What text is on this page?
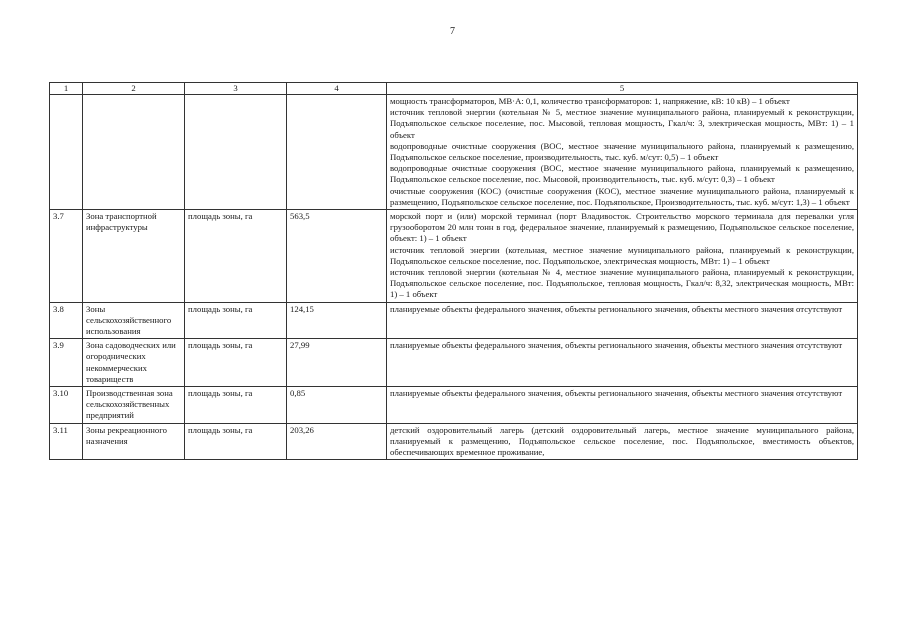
7
1	2	3	4	5

				мощность трансформаторов, МВ·А: 0,1, количество трансформаторов: 1, напряжение, кВ: 10 кВ) – 1 объект
источник тепловой энергии (котельная № 5, местное значение муниципального района, планируемый к реконструкции, Подъяпольское сельское поселение, пос. Мысовой, тепловая мощность, Гкал/ч: 3, электрическая мощность, МВт: 1) – 1 объект
водопроводные очистные сооружения (ВОС, местное значение муниципального района, планируемый к размещению, Подъяпольское сельское поселение, производительность, тыс. куб. м/сут: 0,5) – 1 объект
водопроводные очистные сооружения (ВОС, местное значение муниципального района, планируемый к размещению, Подъяпольское сельское поселение, пос. Мысовой, производительность, тыс. куб. м/сут: 0,3) – 1 объект
очистные сооружения (КОС) (очистные сооружения (КОС), местное значение муниципального района, планируемый к размещению, Подъяпольское сельское поселение, пос. Подъяпольское, Производительность, тыс. куб. м/сут: 1,3) – 1 объект

3.7	Зона транспортной инфраструктуры	площадь зоны, га	563,5	морской порт и (или) морской терминал (порт Владивосток. Строительство морского терминала для перевалки угля грузооборотом 20 млн тонн в год, федеральное значение, планируемый к размещению, Подъяпольское сельское поселение, объект: 1) – 1 объект
источник тепловой энергии (котельная, местное значение муниципального района, планируемый к реконструкции, Подъяпольское сельское поселение, пос. Подъяпольское, электрическая мощность, МВт: 1) – 1 объект
источник тепловой энергии (котельная № 4, местное значение муниципального района, планируемый к реконструкции, Подъяпольское сельское поселение, пос. Подъяпольское, тепловая мощность, Гкал/ч: 8,32, электрическая мощность, МВт: 1) – 1 объект

3.8	Зоны сельскохозяйственного использования	площадь зоны, га	124,15	планируемые объекты федерального значения, объекты регионального значения, объекты местного значения отсутствуют

3.9	Зона садоводческих или огороднических некоммерческих товариществ	площадь зоны, га	27,99	планируемые объекты федерального значения, объекты регионального значения, объекты местного значения отсутствуют

3.10	Производственная зона сельскохозяйственных предприятий	площадь зоны, га	0,85	планируемые объекты федерального значения, объекты регионального значения, объекты местного значения отсутствуют

3.11	Зоны рекреационного назначения	площадь зоны, га	203,26	детский оздоровительный лагерь (детский оздоровительный лагерь, местное значение муниципального района, планируемый к размещению, Подъяпольское сельское поселение, пос. Подъяпольское, вместимость объектов, обеспечивающих временное проживание,
